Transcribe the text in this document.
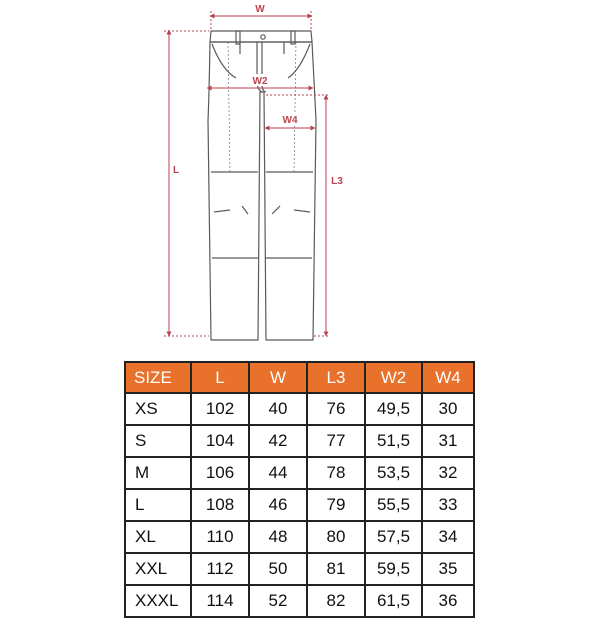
W
W2
W4
L
L3
SIZE	L	W	L3	W2	W4
XS	102	40	76	49,5	30
S	104	42	77	51,5	31
M	106	44	78	53,5	32
L	108	46	79	55,5	33
XL	110	48	80	57,5	34
XXL	112	50	81	59,5	35
XXXL	114	52	82	61,5	36
